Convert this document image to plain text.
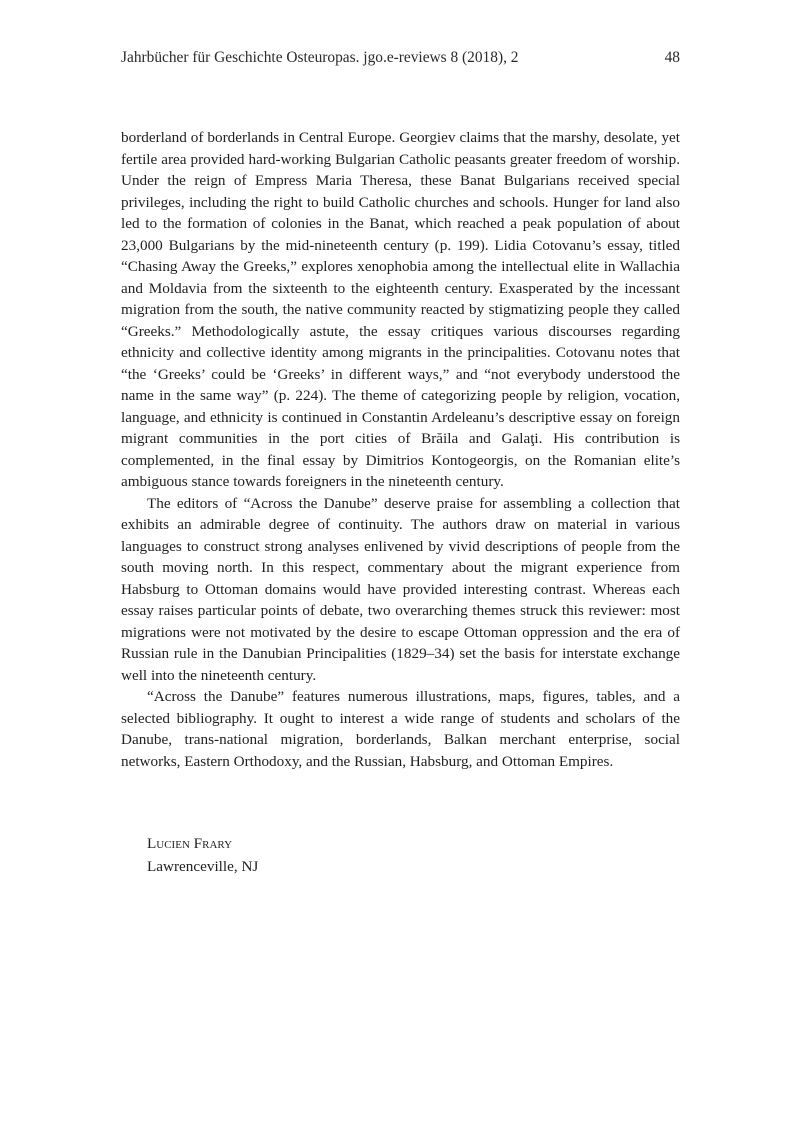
Jahrbücher für Geschichte Osteuropas. jgo.e-reviews 8 (2018), 2	48

borderland of borderlands in Central Europe. Georgiev claims that the marshy, desolate, yet fertile area provided hard-working Bulgarian Catholic peasants greater freedom of worship. Under the reign of Empress Maria Theresa, these Banat Bulgarians received special privileges, including the right to build Catholic churches and schools. Hunger for land also led to the formation of colonies in the Banat, which reached a peak population of about 23,000 Bulgarians by the mid-nineteenth century (p. 199). Lidia Cotovanu’s essay, titled “Chasing Away the Greeks,” explores xenophobia among the intellectual elite in Wallachia and Moldavia from the sixteenth to the eighteenth century. Exasperated by the incessant migration from the south, the native community reacted by stigmatizing people they called “Greeks.” Methodologically astute, the essay critiques various discourses regarding ethnicity and collective identity among migrants in the principalities. Cotovanu notes that “the ‘Greeks’ could be ‘Greeks’ in different ways,” and “not everybody understood the name in the same way” (p. 224). The theme of categorizing people by religion, vocation, language, and ethnicity is continued in Constantin Ardeleanu’s descriptive essay on foreign migrant communities in the port cities of Brăila and Galaţi. His contribution is complemented, in the final essay by Dimitrios Kontogeorgis, on the Romanian elite’s ambiguous stance towards foreigners in the nineteenth century.

The editors of “Across the Danube” deserve praise for assembling a collection that exhibits an admirable degree of continuity. The authors draw on material in various languages to construct strong analyses enlivened by vivid descriptions of people from the south moving north. In this respect, commentary about the migrant experience from Habsburg to Ottoman domains would have provided interesting contrast. Whereas each essay raises particular points of debate, two overarching themes struck this reviewer: most migrations were not motivated by the desire to escape Ottoman oppression and the era of Russian rule in the Danubian Principalities (1829–34) set the basis for interstate exchange well into the nineteenth century.

“Across the Danube” features numerous illustrations, maps, figures, tables, and a selected bibliography. It ought to interest a wide range of students and scholars of the Danube, trans-national migration, borderlands, Balkan merchant enterprise, social networks, Eastern Orthodoxy, and the Russian, Habsburg, and Ottoman Empires.

Lucien Frary
Lawrenceville, NJ
